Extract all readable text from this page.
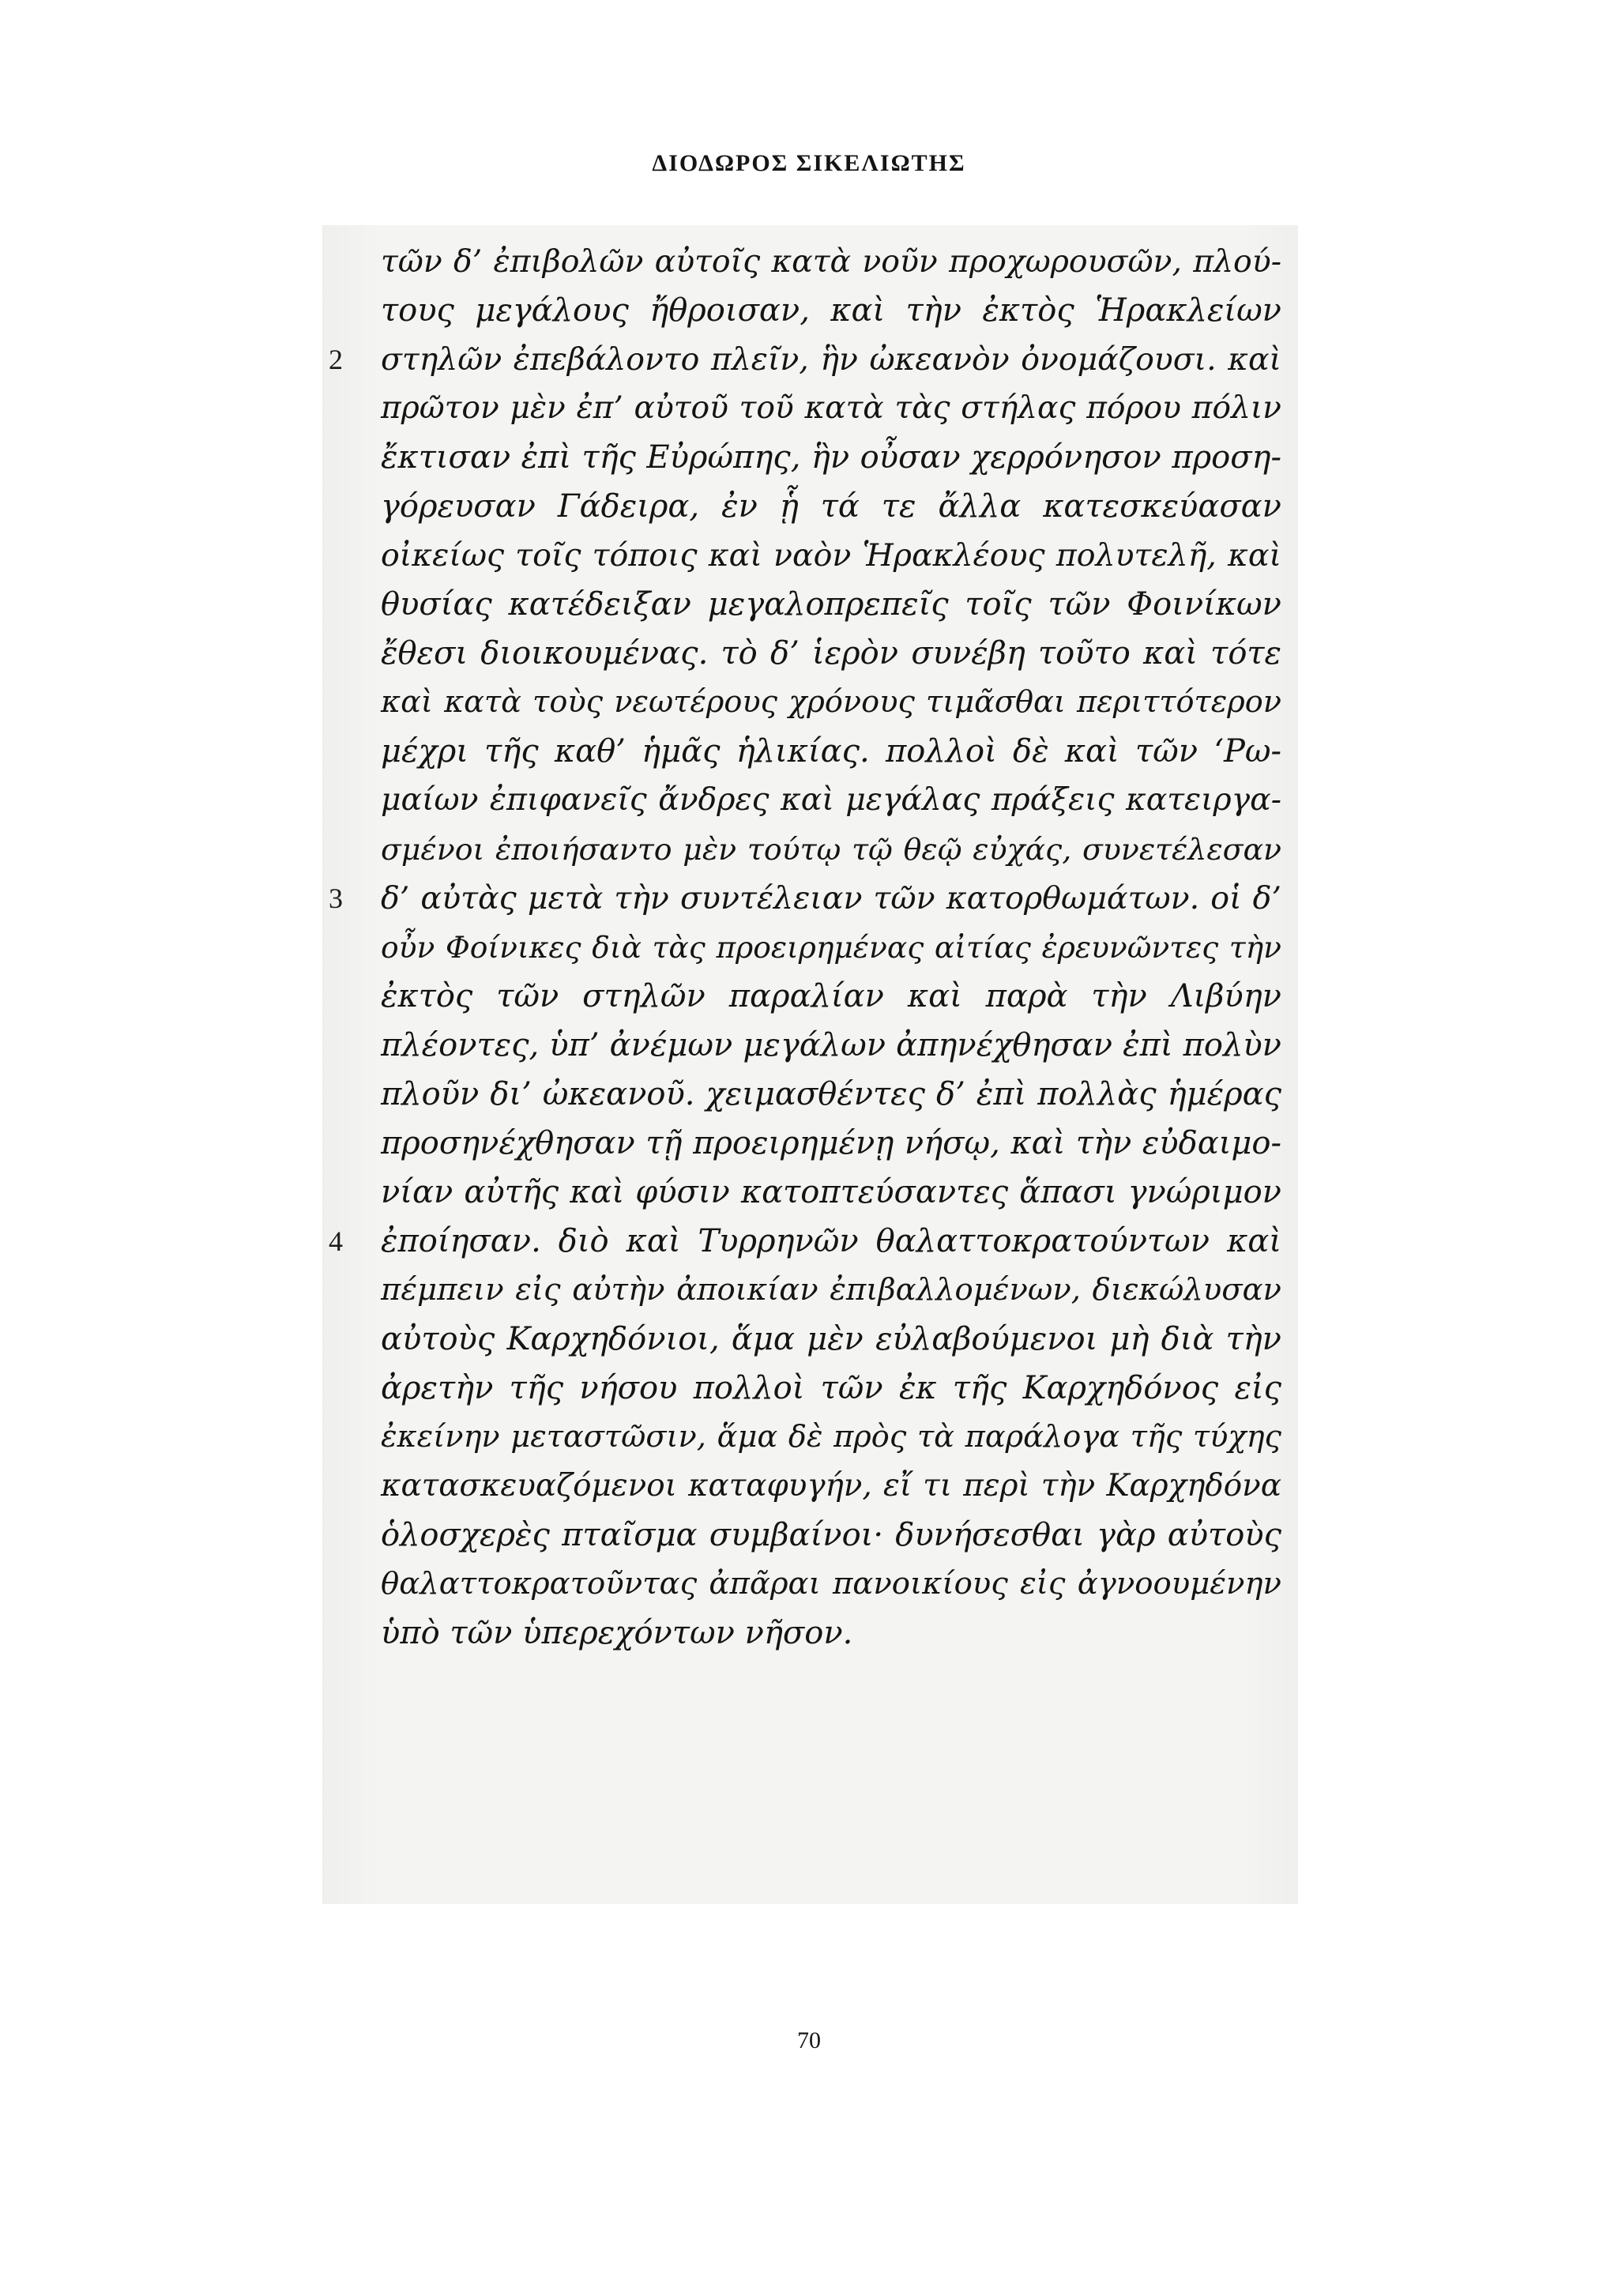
ΔΙΟΔΩΡΟΣ ΣΙΚΕΛΙΩΤΗΣ
τῶν δ’ ἐπιβολῶν αὐτοῖς κατὰ νοῦν προχωρουσῶν, πλού-
τους μεγάλους ἤθροισαν, καὶ τὴν ἐκτὸς Ἡρακλείων
2 στηλῶν ἐπεβάλοντο πλεῖν, ἣν ὠκεανὸν ὀνομάζουσι. καὶ
πρῶτον μὲν ἐπ’ αὐτοῦ τοῦ κατὰ τὰς στήλας πόρου πόλιν
ἔκτισαν ἐπὶ τῆς Εὐρώπης, ἣν οὖσαν χερρόνησον προση-
γόρευσαν Γάδειρα, ἐν ᾗ τά τε ἄλλα κατεσκεύασαν
οἰκείως τοῖς τόποις καὶ ναὸν Ἡρακλέους πολυτελῆ, καὶ
θυσίας κατέδειξαν μεγαλοπρεπεῖς τοῖς τῶν Φοινίκων
ἔθεσι διοικουμένας. τὸ δ’ ἱερὸν συνέβη τοῦτο καὶ τότε
καὶ κατὰ τοὺς νεωτέρους χρόνους τιμᾶσθαι περιττότερον
μέχρι τῆς καθ’ ἡμᾶς ἡλικίας. πολλοὶ δὲ καὶ τῶν ‘Ρω-
μαίων ἐπιφανεῖς ἄνδρες καὶ μεγάλας πράξεις κατειργα-
σμένοι ἐποιήσαντο μὲν τούτῳ τῷ θεῷ εὐχάς, συνετέλεσαν
3 δ’ αὐτὰς μετὰ τὴν συντέλειαν τῶν κατορθωμάτων. οἱ δ’
οὖν Φοίνικες διὰ τὰς προειρημένας αἰτίας ἐρευνῶντες τὴν
ἐκτὸς τῶν στηλῶν παραλίαν καὶ παρὰ τὴν Λιβύην
πλέοντες, ὑπ’ ἀνέμων μεγάλων ἀπηνέχθησαν ἐπὶ πολὺν
πλοῦν δι’ ὠκεανοῦ. χειμασθέντες δ’ ἐπὶ πολλὰς ἡμέρας
προσηνέχθησαν τῇ προειρημένῃ νήσῳ, καὶ τὴν εὐδαιμο-
νίαν αὐτῆς καὶ φύσιν κατοπτεύσαντες ἅπασι γνώριμον
4 ἐποίησαν. διὸ καὶ Τυρρηνῶν θαλαττοκρατούντων καὶ
πέμπειν εἰς αὐτὴν ἀποικίαν ἐπιβαλλομένων, διεκώλυσαν
αὐτοὺς Καρχηδόνιοι, ἅμα μὲν εὐλαβούμενοι μὴ διὰ τὴν
ἀρετὴν τῆς νήσου πολλοὶ τῶν ἐκ τῆς Καρχηδόνος εἰς
ἐκείνην μεταστῶσιν, ἅμα δὲ πρὸς τὰ παράλογα τῆς τύχης
κατασκευαζόμενοι καταφυγήν, εἴ τι περὶ τὴν Καρχηδόνα
ὁλοσχερὲς πταῖσμα συμβαίνοι· δυνήσεσθαι γὰρ αὐτοὺς
θαλαττοκρατοῦντας ἀπᾶραι πανοικίους εἰς ἀγνοουμένην
ὑπὸ τῶν ὑπερεχόντων νῆσον.
70
